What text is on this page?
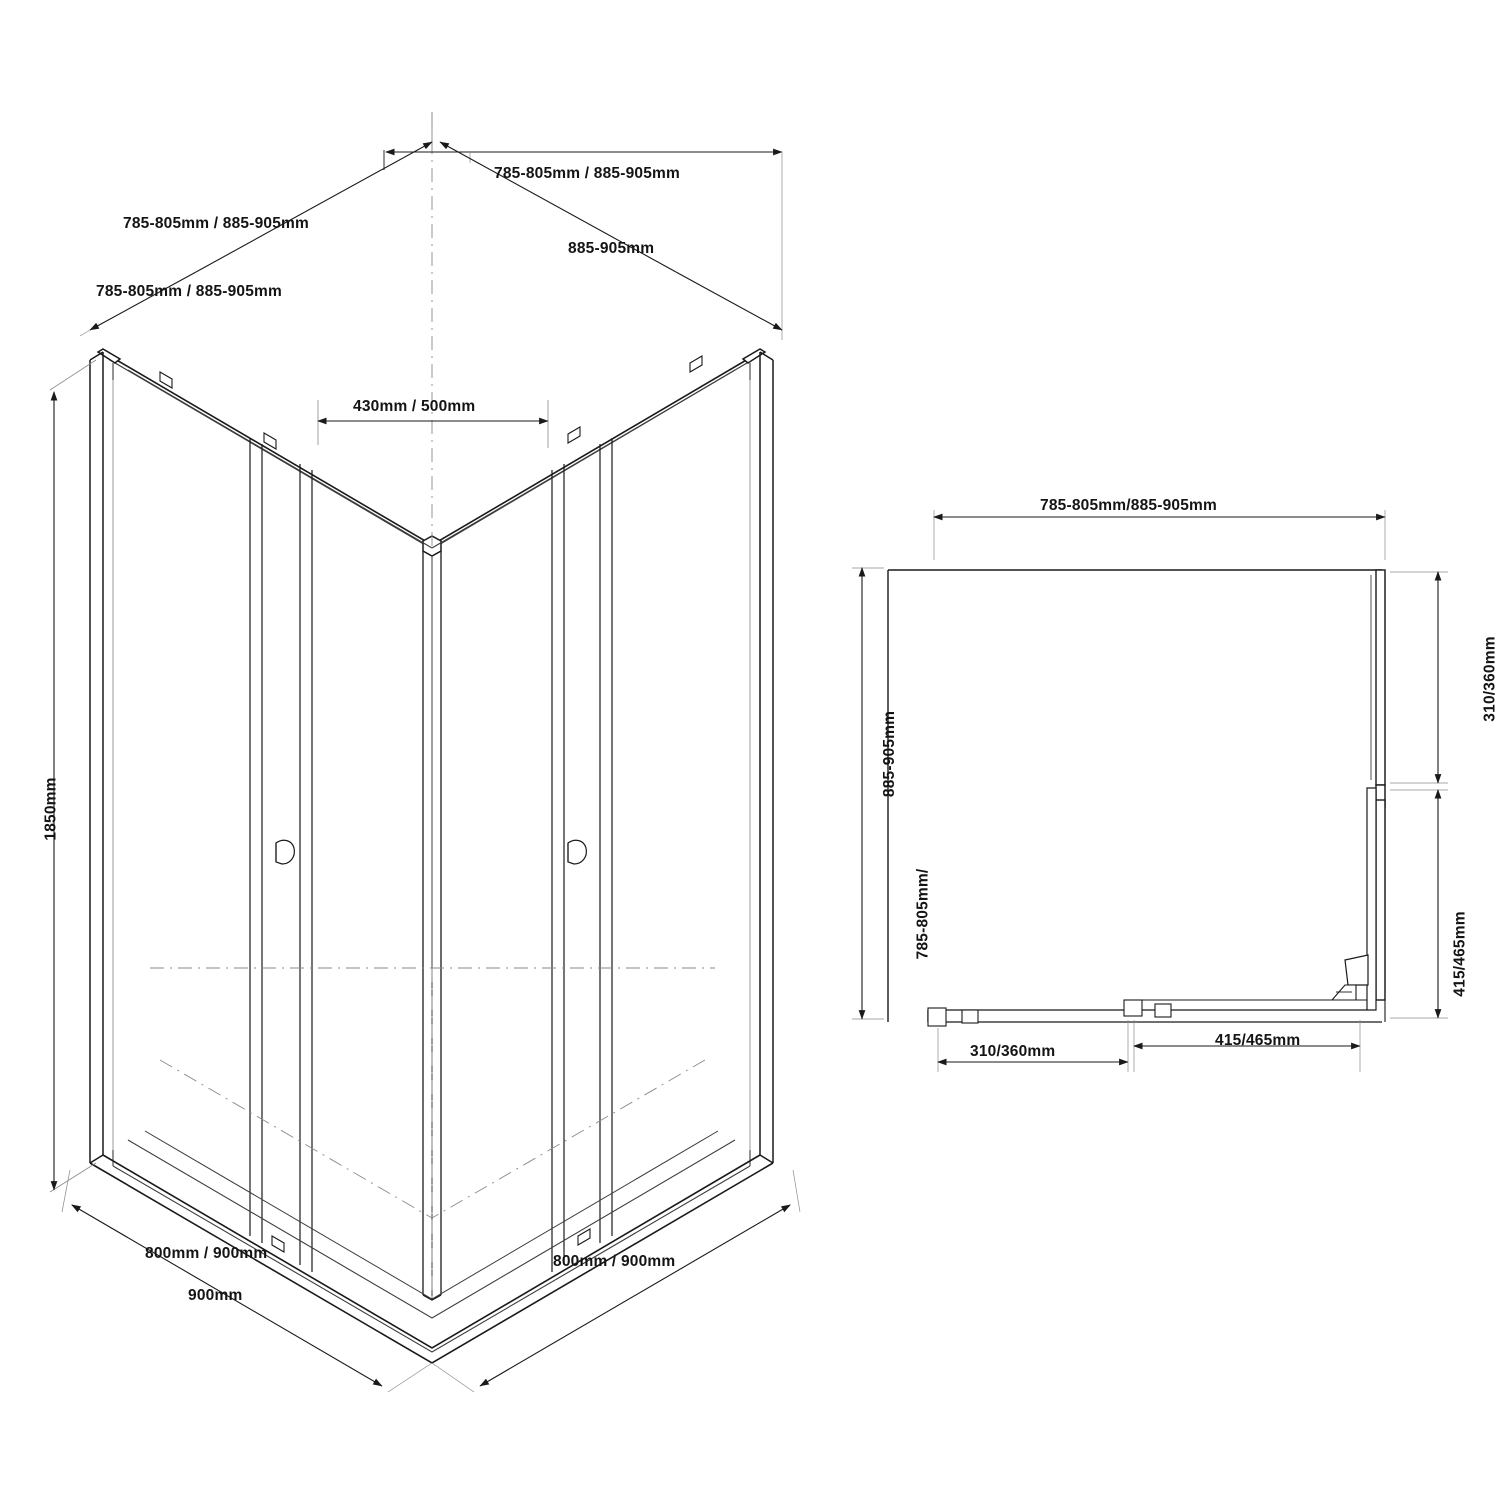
785-805mm / 885-905mm
885-905mm
785-805mm / 885-905mm
785-805mm / 885-905mm
430mm / 500mm
1850mm
800mm / 900mm
900mm
800mm / 900mm
785-805mm/885-905mm
885-905mm
785-805mm/
310/360mm
415/465mm
310/360mm
415/465mm
